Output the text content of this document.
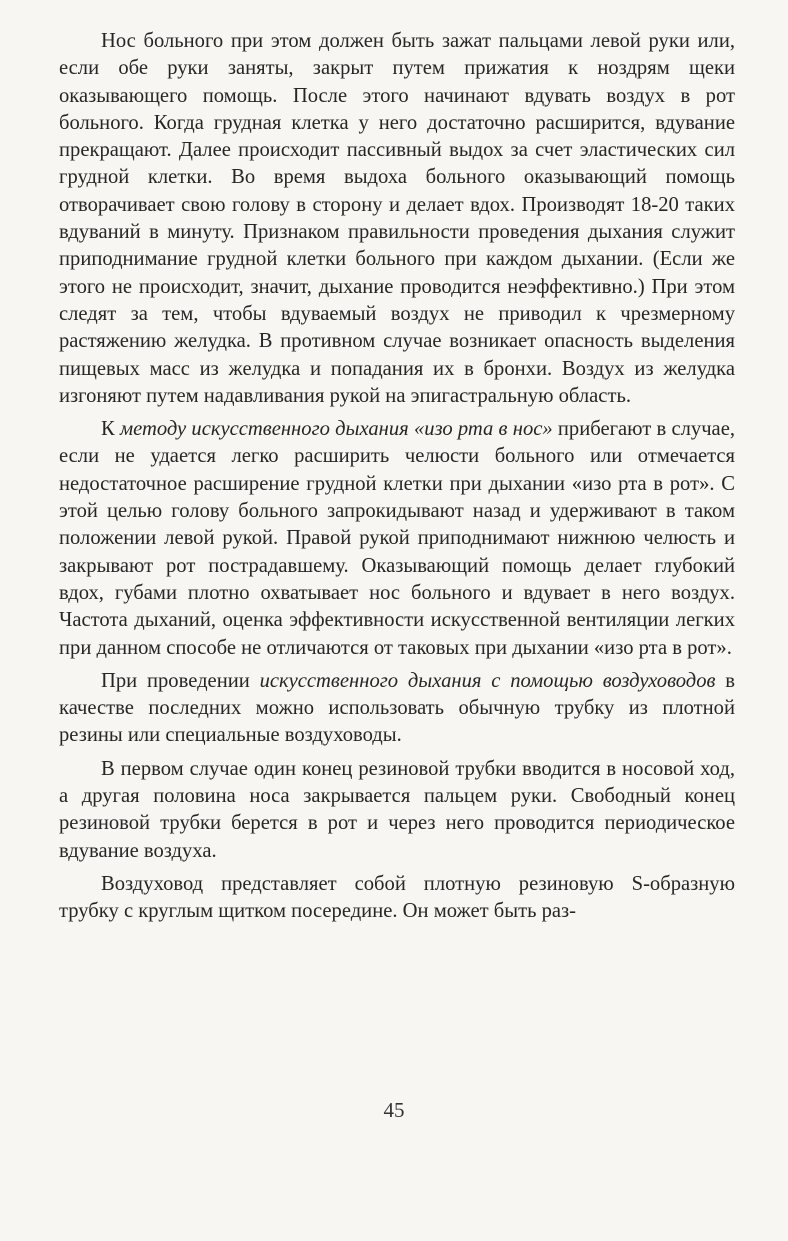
Нос больного при этом должен быть зажат пальцами левой руки или, если обе руки заняты, закрыт путем прижатия к ноздрям щеки оказывающего помощь. После этого начинают вдувать воздух в рот больного. Когда грудная клетка у него достаточно расширится, вдувание прекращают. Далее происходит пассивный выдох за счет эластических сил грудной клетки. Во время выдоха больного оказывающий помощь отворачивает свою голову в сторону и делает вдох. Производят 18-20 таких вдуваний в минуту. Признаком правильности проведения дыхания служит приподнимание грудной клетки больного при каждом дыхании. (Если же этого не происходит, значит, дыхание проводится неэффективно.) При этом следят за тем, чтобы вдуваемый воздух не приводил к чрезмерному растяжению желудка. В противном случае возникает опасность выделения пищевых масс из желудка и попадания их в бронхи. Воздух из желудка изгоняют путем надавливания рукой на эпигастральную область.

К методу искусственного дыхания «изо рта в нос» прибегают в случае, если не удается легко расширить челюсти больного или отмечается недостаточное расширение грудной клетки при дыхании «изо рта в рот». С этой целью голову больного запрокидывают назад и удерживают в таком положении левой рукой. Правой рукой приподнимают нижнюю челюсть и закрывают рот пострадавшему. Оказывающий помощь делает глубокий вдох, губами плотно охватывает нос больного и вдувает в него воздух. Частота дыханий, оценка эффективности искусственной вентиляции легких при данном способе не отличаются от таковых при дыхании «изо рта в рот».

При проведении искусственного дыхания с помощью воздуховодов в качестве последних можно использовать обычную трубку из плотной резины или специальные воздуховоды.

В первом случае один конец резиновой трубки вводится в носовой ход, а другая половина носа закрывается пальцем руки. Свободный конец резиновой трубки берется в рот и через него проводится периодическое вдувание воздуха.

Воздуховод представляет собой плотную резиновую S-образную трубку с круглым щитком посередине. Он может быть раз-

45
